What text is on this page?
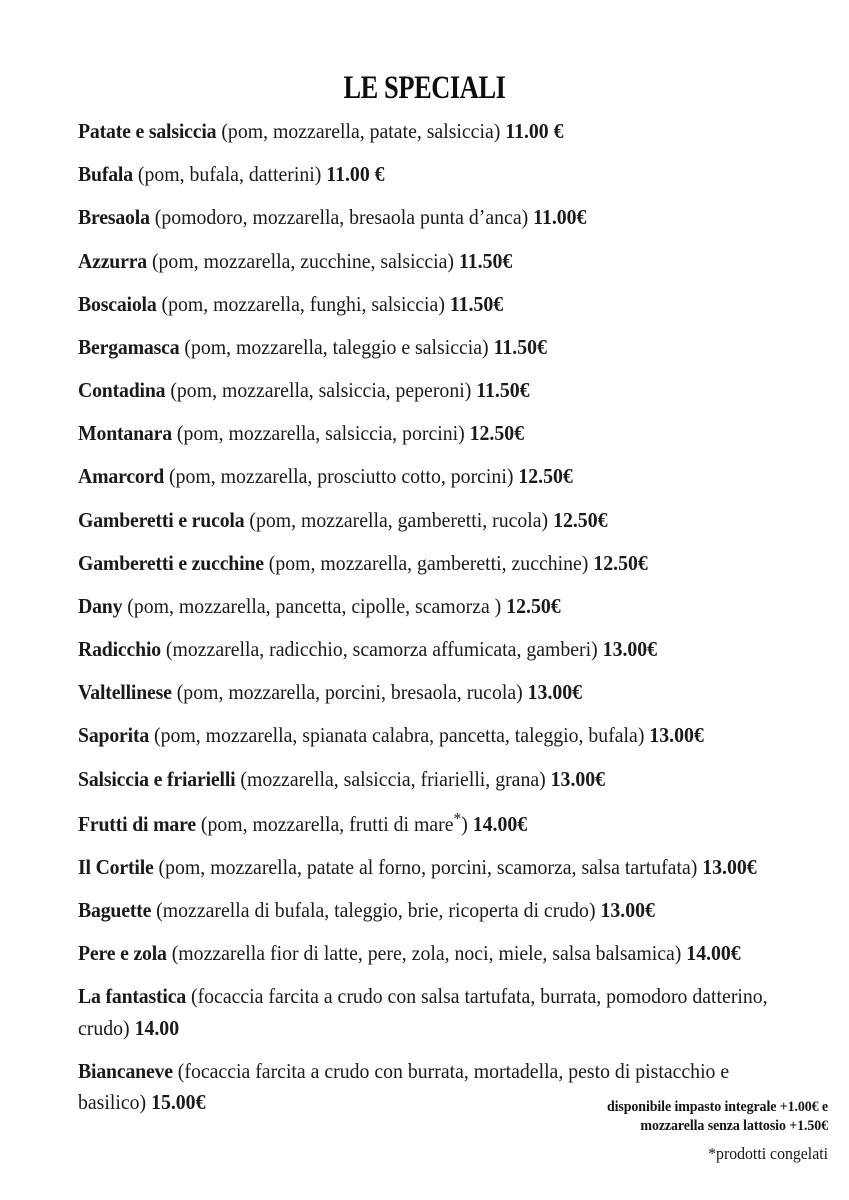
LE SPECIALI
Patate e salsiccia (pom, mozzarella, patate, salsiccia) 11.00 €
Bufala (pom, bufala, datterini) 11.00 €
Bresaola (pomodoro, mozzarella, bresaola punta d’anca) 11.00€
Azzurra (pom, mozzarella, zucchine, salsiccia) 11.50€
Boscaiola (pom, mozzarella, funghi, salsiccia) 11.50€
Bergamasca (pom, mozzarella, taleggio e salsiccia) 11.50€
Contadina (pom, mozzarella, salsiccia, peperoni) 11.50€
Montanara (pom, mozzarella, salsiccia, porcini) 12.50€
Amarcord (pom, mozzarella, prosciutto cotto, porcini) 12.50€
Gamberetti e rucola (pom, mozzarella, gamberetti, rucola) 12.50€
Gamberetti e zucchine (pom, mozzarella, gamberetti, zucchine) 12.50€
Dany (pom, mozzarella, pancetta, cipolle, scamorza ) 12.50€
Radicchio (mozzarella, radicchio, scamorza affumicata, gamberi) 13.00€
Valtellinese (pom, mozzarella, porcini, bresaola, rucola) 13.00€
Saporita (pom, mozzarella, spianata calabra, pancetta, taleggio, bufala) 13.00€
Salsiccia e friarielli (mozzarella, salsiccia, friarielli, grana) 13.00€
Frutti di mare (pom, mozzarella, frutti di mare*) 14.00€
Il Cortile (pom, mozzarella, patate al forno, porcini, scamorza, salsa tartufata) 13.00€
Baguette (mozzarella di bufala, taleggio, brie, ricoperta di crudo) 13.00€
Pere e zola (mozzarella fior di latte, pere, zola, noci, miele, salsa balsamica) 14.00€
La fantastica (focaccia farcita a crudo con salsa tartufata, burrata, pomodoro datterino, crudo) 14.00
Biancaneve (focaccia farcita a crudo con burrata, mortadella, pesto di pistacchio e basilico) 15.00€	disponibile impasto integrale +1.00€ e
mozzarella senza lattosio +1.50€
*prodotti congelati
